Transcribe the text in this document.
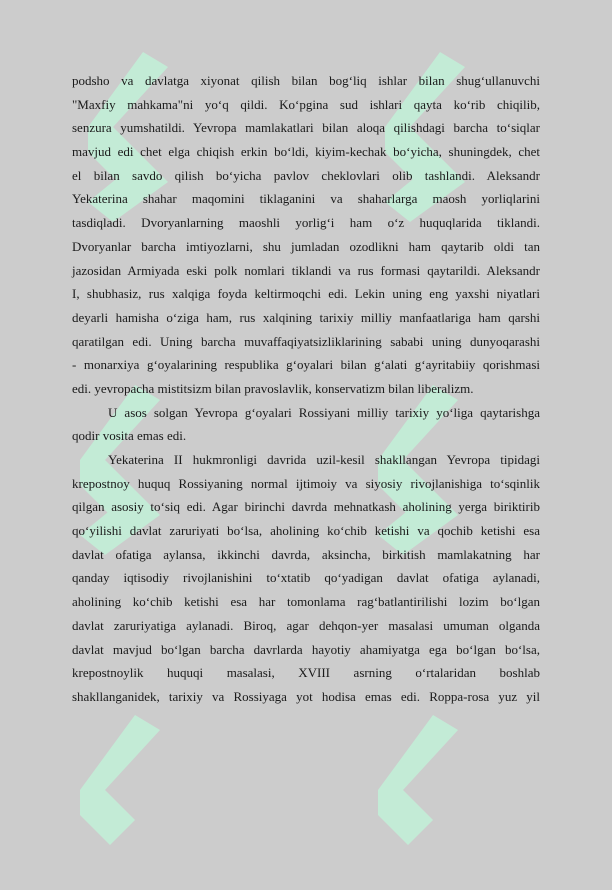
podsho va davlatga xiyonat qilish bilan bog‘liq ishlar bilan shug‘ullanuvchi
"Maxfiy mahkama"ni yo‘q qildi. Ko‘pgina sud ishlari qayta ko‘rib chiqilib,
senzura yumshatildi. Yevropa mamlakatlari bilan aloqa qilishdagi barcha to‘siqlar
mavjud edi chet elga chiqish erkin bo‘ldi, kiyim-kechak bo‘yicha, shuningdek, chet
el bilan savdo qilish bo‘yicha pavlov cheklovlari olib tashlandi. Aleksandr
Yekaterina shahar maqomini tiklaganini va shaharlarga maosh yorliqlarini
tasdiqladi. Dvoryanlarning maoshli yorlig‘i ham o‘z huquqlarida tiklandi.
Dvoryanlar barcha imtiyozlarni, shu jumladan ozodlikni ham qaytarib oldi tan
jazosidan Armiyada eski polk nomlari tiklandi va rus formasi qaytarildi. Aleksandr
I, shubhasiz, rus xalqiga foyda keltirmoqchi edi. Lekin uning eng yaxshi niyatlari
deyarli hamisha o‘ziga ham, rus xalqining tarixiy milliy manfaatlariga ham qarshi
qaratilgan edi. Uning barcha muvaffaqiyatsizliklarining sababi uning dunyoqarashi
- monarxiya g‘oyalarining respublika g‘oyalari bilan g‘alati g‘ayritabiiy qorishmasi
edi. yevropacha mistitsizm bilan pravoslavlik, konservatizm bilan liberalizm.

U asos solgan Yevropa g‘oyalari Rossiyani milliy tarixiy yo‘liga qaytarishga
qodir vosita emas edi.

Yekaterina II hukmronligi davrida uzil-kesil shakllangan Yevropa tipidagi
krepostnoy huquq Rossiyaning normal ijtimoiy va siyosiy rivojlanishiga to‘sqinlik
qilgan asosiy to‘siq edi. Agar birinchi davrda mehnatkash aholining yerga biriktirib
qo‘yilishi davlat zaruriyati bo‘lsa, aholining ko‘chib ketishi va qochib ketishi esa
davlat ofatiga aylansa, ikkinchi davrda, aksincha, birkitish mamlakatning har
qanday iqtisodiy rivojlanishini to‘xtatib qo‘yadigan davlat ofatiga aylanadi,
aholining ko‘chib ketishi esa har tomonlama rag‘batlantirilishi lozim bo‘lgan
davlat zaruriyatiga aylanadi. Biroq, agar dehqon-yer masalasi umuman olganda
davlat mavjud bo‘lgan barcha davrlarda hayotiy ahamiyatga ega bo‘lgan bo‘lsa,
krepostnoylik huquqi masalasi, XVIII asrning o‘rtalaridan boshlab
shakllanganidek, tarixiy va Rossiyaga yot hodisa emas edi. Roppa-rosa yuz yil
